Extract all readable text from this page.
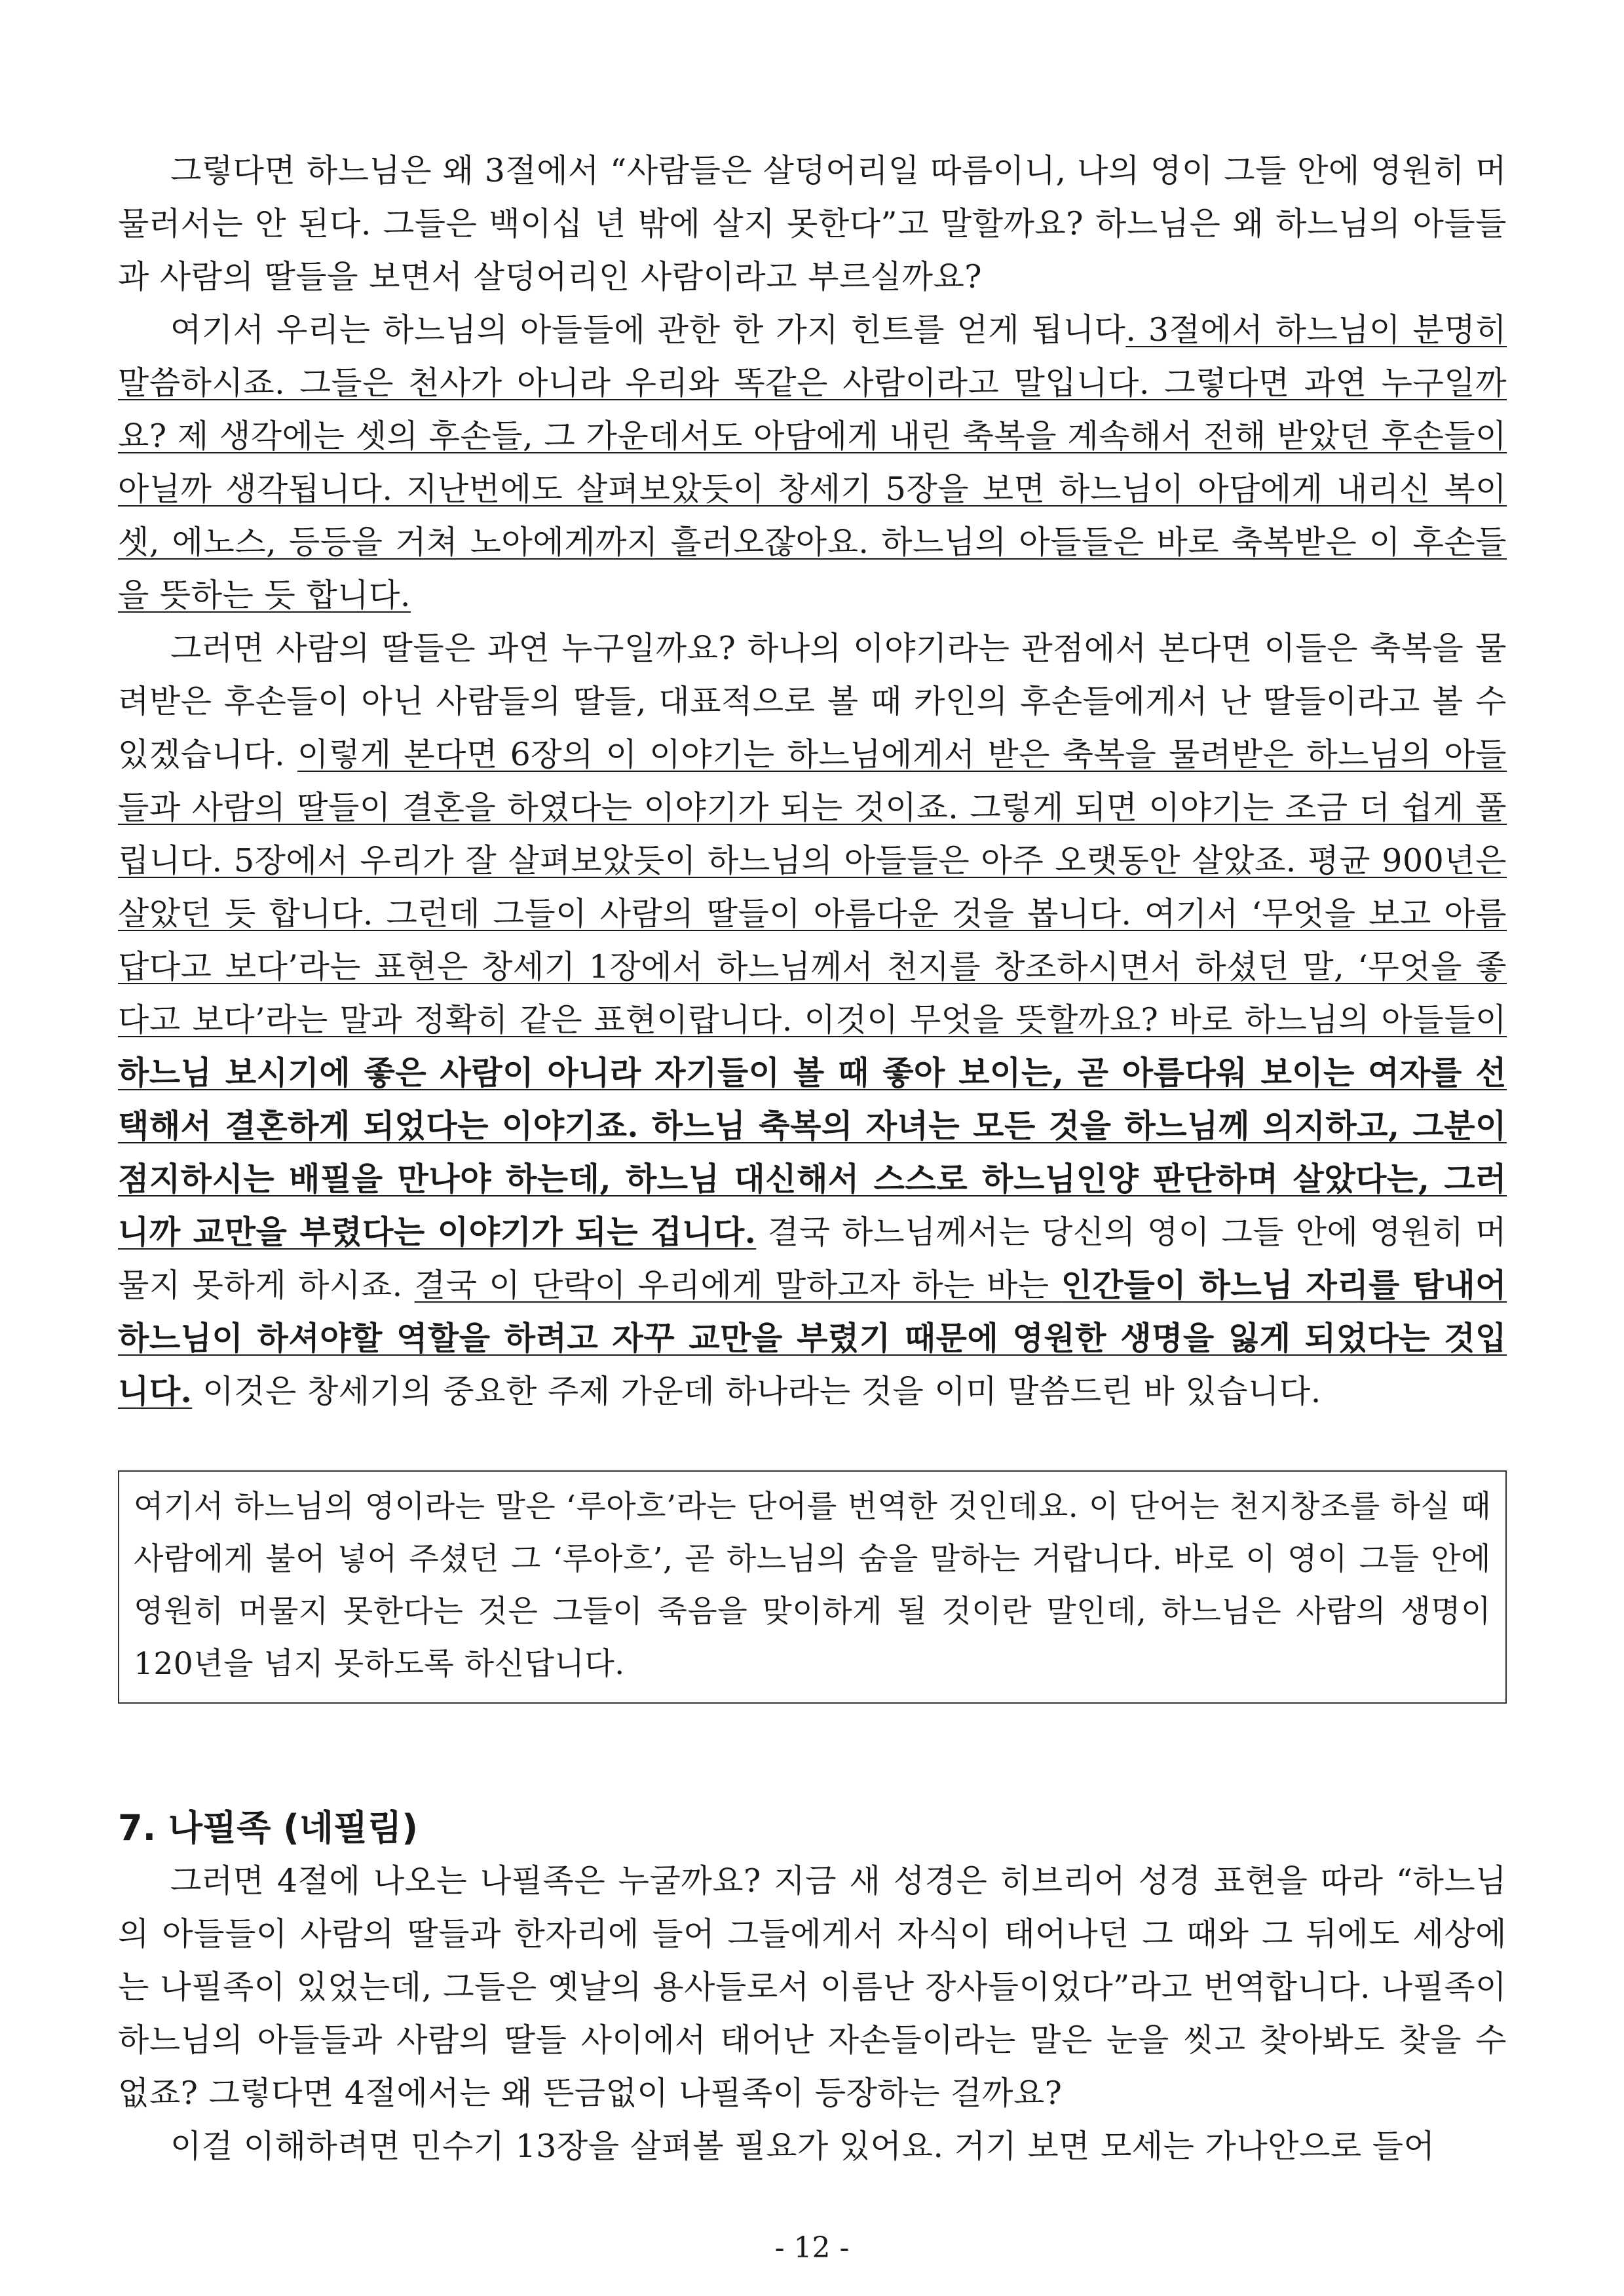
그렇다면 하느님은 왜 3절에서 “사람들은 살덩어리일 따름이니, 나의 영이 그들 안에 영원히 머물러서는 안 된다. 그들은 백이십 년 밖에 살지 못한다”고 말할까요? 하느님은 왜 하느님의 아들들과 사람의 딸들을 보면서 살덩어리인 사람이라고 부르실까요?

여기서 우리는 하느님의 아들들에 관한 한 가지 힌트를 얻게 됩니다. 3절에서 하느님이 분명히 말씀하시죠. 그들은 천사가 아니라 우리와 똑같은 사람이라고 말입니다. 그렇다면 과연 누구일까요? 제 생각에는 셋의 후손들, 그 가운데서도 아담에게 내린 축복을 계속해서 전해 받았던 후손들이 아닐까 생각됩니다. 지난번에도 살펴보았듯이 창세기 5장을 보면 하느님이 아담에게 내리신 복이 셋, 에노스, 등등을 거쳐 노아에게까지 흘러오잖아요. 하느님의 아들들은 바로 축복받은 이 후손들을 뜻하는 듯 합니다.

그러면 사람의 딸들은 과연 누구일까요? 하나의 이야기라는 관점에서 본다면 이들은 축복을 물려받은 후손들이 아닌 사람들의 딸들, 대표적으로 볼 때 카인의 후손들에게서 난 딸들이라고 볼 수 있겠습니다. 이렇게 본다면 6장의 이 이야기는 하느님에게서 받은 축복을 물려받은 하느님의 아들들과 사람의 딸들이 결혼을 하였다는 이야기가 되는 것이죠. 그렇게 되면 이야기는 조금 더 쉽게 풀립니다. 5장에서 우리가 잘 살펴보았듯이 하느님의 아들들은 아주 오랫동안 살았죠. 평균 900년은 살았던 듯 합니다. 그런데 그들이 사람의 딸들이 아름다운 것을 봅니다. 여기서 ‘무엇을 보고 아름답다고 보다’라는 표현은 창세기 1장에서 하느님께서 천지를 창조하시면서 하셨던 말, ‘무엇을 좋다고 보다’라는 말과 정확히 같은 표현이랍니다. 이것이 무엇을 뜻할까요? 바로 하느님의 아들들이 하느님 보시기에 좋은 사람이 아니라 자기들이 볼 때 좋아 보이는, 곧 아름다워 보이는 여자를 선택해서 결혼하게 되었다는 이야기죠. 하느님 축복의 자녀는 모든 것을 하느님께 의지하고, 그분이 점지하시는 배필을 만나야 하는데, 하느님 대신해서 스스로 하느님인양 판단하며 살았다는, 그러니까 교만을 부렸다는 이야기가 되는 겁니다. 결국 하느님께서는 당신의 영이 그들 안에 영원히 머물지 못하게 하시죠. 결국 이 단락이 우리에게 말하고자 하는 바는 인간들이 하느님 자리를 탐내어 하느님이 하셔야할 역할을 하려고 자꾸 교만을 부렸기 때문에 영원한 생명을 잃게 되었다는 것입니다. 이것은 창세기의 중요한 주제 가운데 하나라는 것을 이미 말씀드린 바 있습니다.

여기서 하느님의 영이라는 말은 ‘루아흐’라는 단어를 번역한 것인데요. 이 단어는 천지창조를 하실 때 사람에게 불어 넣어 주셨던 그 ‘루아흐’, 곧 하느님의 숨을 말하는 거랍니다. 바로 이 영이 그들 안에 영원히 머물지 못한다는 것은 그들이 죽음을 맞이하게 될 것이란 말인데, 하느님은 사람의 생명이 120년을 넘지 못하도록 하신답니다.

7. 나필족 (네필림)

그러면 4절에 나오는 나필족은 누굴까요? 지금 새 성경은 히브리어 성경 표현을 따라 “하느님의 아들들이 사람의 딸들과 한자리에 들어 그들에게서 자식이 태어나던 그 때와 그 뒤에도 세상에는 나필족이 있었는데, 그들은 옛날의 용사들로서 이름난 장사들이었다”라고 번역합니다. 나필족이 하느님의 아들들과 사람의 딸들 사이에서 태어난 자손들이라는 말은 눈을 씻고 찾아봐도 찾을 수 없죠? 그렇다면 4절에서는 왜 뜬금없이 나필족이 등장하는 걸까요?

이걸 이해하려면 민수기 13장을 살펴볼 필요가 있어요. 거기 보면 모세는 가나안으로 들어

- 12 -
